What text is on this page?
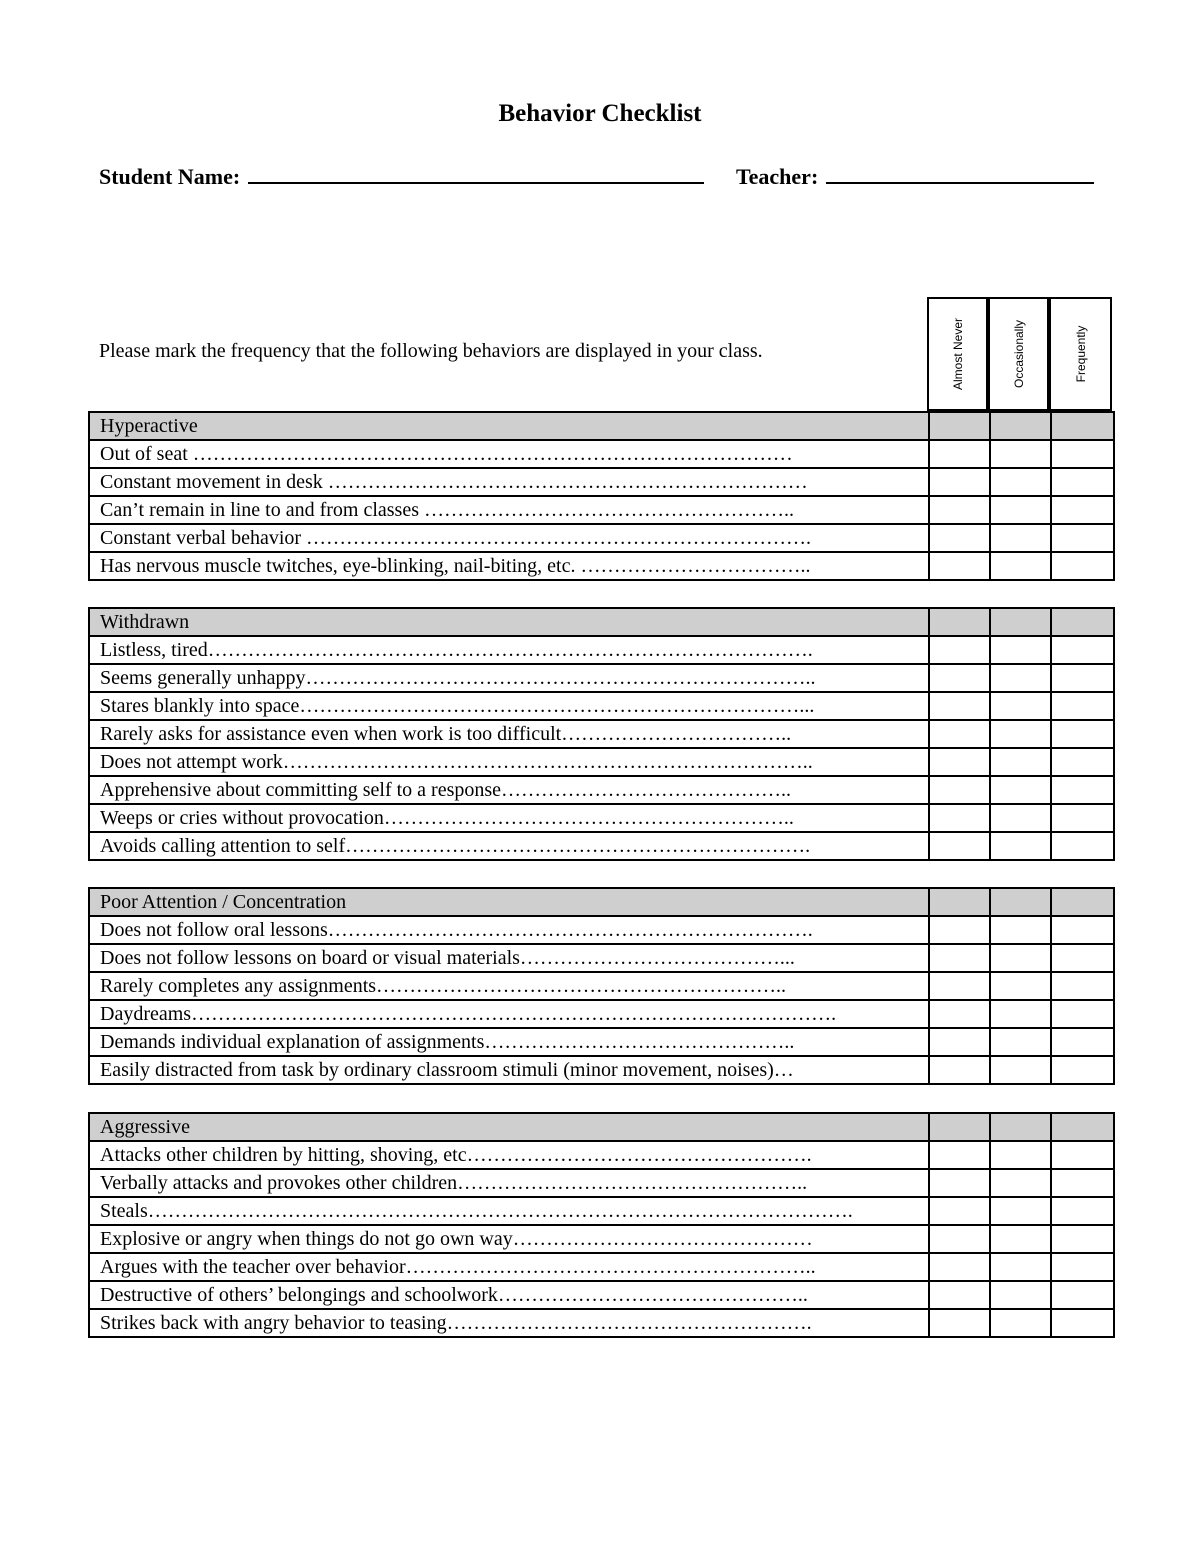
Behavior Checklist
Student Name:	Teacher:
Please mark the frequency that the following behaviors are displayed in your class.	Almost Never	Occasionally	Frequently
Hyperactive			
Out of seat ………………………………………………………………………………			
Constant movement in desk ………………………………………………………………			
Can’t remain in line to and from classes ………………………………………………..			
Constant verbal behavior ………………………………………………………………….			
Has nervous muscle twitches, eye-blinking, nail-biting, etc. ……………………………..			
Withdrawn			
Listless, tired……………………………………………………………………………….			
Seems generally unhappy…………………………………………………………………..			
Stares blankly into space…………………………………………………………………...			
Rarely asks for assistance even when work is too difficult……………………………..			
Does not attempt work……………………………………………………………………..			
Apprehensive about committing self to a response……………………………………..			
Weeps or cries without provocation……………………………………………………..			
Avoids calling attention to self…………………………………………………………….			
Poor Attention / Concentration			
Does not follow oral lessons……………………………………………………………….			
Does not follow lessons on board or visual materials…………………………………...			
Rarely completes any assignments……………………………………………………..			
Daydreams…………………………………………………………………………………….			
Demands individual explanation of assignments………………………………………..			
Easily distracted from task by ordinary classroom stimuli (minor movement, noises)…			
Aggressive			
Attacks other children by hitting, shoving, etc…………………………………………….			
Verbally attacks and provokes other children……………………………………………..			
Steals…………………………………………………………………………………………….			
Explosive or angry when things do not go own way………………………………………			
Argues with the teacher over behavior……………………………………………………..			
Destructive of others’ belongings and schoolwork………………………………………..			
Strikes back with angry behavior to teasing……………………………………………….			
